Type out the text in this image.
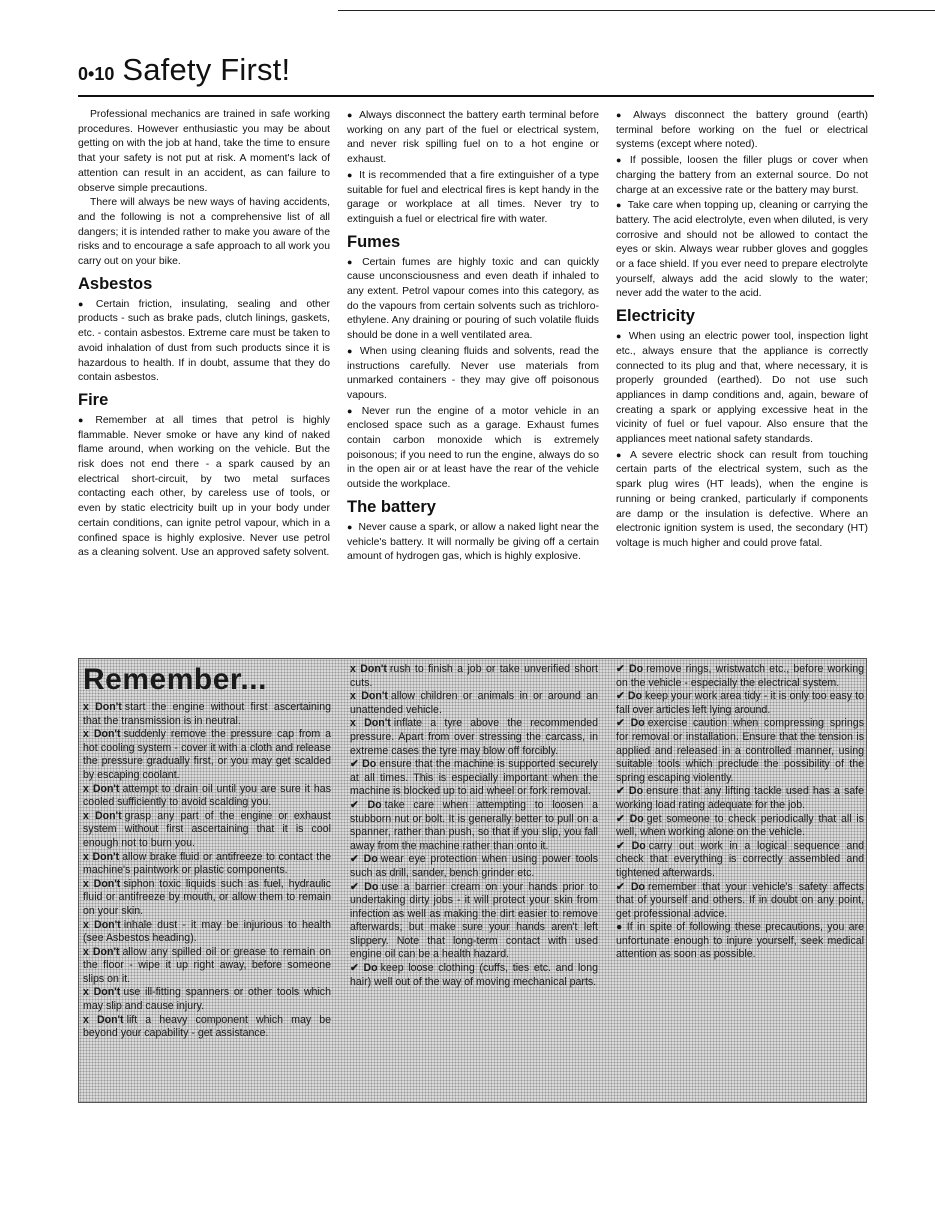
0•10 Safety First!

Professional mechanics are trained in safe working procedures. However enthusiastic you may be about getting on with the job at hand, take the time to ensure that your safety is not put at risk. A moment's lack of attention can result in an accident, as can failure to observe simple precautions.

There will always be new ways of having accidents, and the following is not a comprehensive list of all dangers; it is intended rather to make you aware of the risks and to encourage a safe approach to all work you carry out on your bike.

Asbestos

● Certain friction, insulating, sealing and other products - such as brake pads, clutch linings, gaskets, etc. - contain asbestos. Extreme care must be taken to avoid inhalation of dust from such products since it is hazardous to health. If in doubt, assume that they do contain asbestos.

Fire

● Remember at all times that petrol is highly flammable. Never smoke or have any kind of naked flame around, when working on the vehicle. But the risk does not end there - a spark caused by an electrical short-circuit, by two metal surfaces contacting each other, by careless use of tools, or even by static electricity built up in your body under certain conditions, can ignite petrol vapour, which in a confined space is highly explosive. Never use petrol as a cleaning solvent. Use an approved safety solvent.

● Always disconnect the battery earth terminal before working on any part of the fuel or electrical system, and never risk spilling fuel on to a hot engine or exhaust.

● It is recommended that a fire extinguisher of a type suitable for fuel and electrical fires is kept handy in the garage or workplace at all times. Never try to extinguish a fuel or electrical fire with water.

Fumes

● Certain fumes are highly toxic and can quickly cause unconsciousness and even death if inhaled to any extent. Petrol vapour comes into this category, as do the vapours from certain solvents such as trichloro-ethylene. Any draining or pouring of such volatile fluids should be done in a well ventilated area.

● When using cleaning fluids and solvents, read the instructions carefully. Never use materials from unmarked containers - they may give off poisonous vapours.

● Never run the engine of a motor vehicle in an enclosed space such as a garage. Exhaust fumes contain carbon monoxide which is extremely poisonous; if you need to run the engine, always do so in the open air or at least have the rear of the vehicle outside the workplace.

The battery

● Never cause a spark, or allow a naked light near the vehicle's battery. It will normally be giving off a certain amount of hydrogen gas, which is highly explosive.

● Always disconnect the battery ground (earth) terminal before working on the fuel or electrical systems (except where noted).

● If possible, loosen the filler plugs or cover when charging the battery from an external source. Do not charge at an excessive rate or the battery may burst.

● Take care when topping up, cleaning or carrying the battery. The acid electrolyte, even when diluted, is very corrosive and should not be allowed to contact the eyes or skin. Always wear rubber gloves and goggles or a face shield. If you ever need to prepare electrolyte yourself, always add the acid slowly to the water; never add the water to the acid.

Electricity

● When using an electric power tool, inspection light etc., always ensure that the appliance is correctly connected to its plug and that, where necessary, it is properly grounded (earthed). Do not use such appliances in damp conditions and, again, beware of creating a spark or applying excessive heat in the vicinity of fuel or fuel vapour. Also ensure that the appliances meet national safety standards.

● A severe electric shock can result from touching certain parts of the electrical system, such as the spark plug wires (HT leads), when the engine is running or being cranked, particularly if components are damp or the insulation is defective. Where an electronic ignition system is used, the secondary (HT) voltage is much higher and could prove fatal.

Remember...

x Don't start the engine without first ascertaining that the transmission is in neutral.

x Don't suddenly remove the pressure cap from a hot cooling system - cover it with a cloth and release the pressure gradually first, or you may get scalded by escaping coolant.

x Don't attempt to drain oil until you are sure it has cooled sufficiently to avoid scalding you.

x Don't grasp any part of the engine or exhaust system without first ascertaining that it is cool enough not to burn you.

x Don't allow brake fluid or antifreeze to contact the machine's paintwork or plastic components.

x Don't siphon toxic liquids such as fuel, hydraulic fluid or antifreeze by mouth, or allow them to remain on your skin.

x Don't inhale dust - it may be injurious to health (see Asbestos heading).

x Don't allow any spilled oil or grease to remain on the floor - wipe it up right away, before someone slips on it.

x Don't use ill-fitting spanners or other tools which may slip and cause injury.

x Don't lift a heavy component which may be beyond your capability - get assistance.

x Don't rush to finish a job or take unverified short cuts.

x Don't allow children or animals in or around an unattended vehicle.

x Don't inflate a tyre above the recommended pressure. Apart from over stressing the carcass, in extreme cases the tyre may blow off forcibly.

✔ Do ensure that the machine is supported securely at all times. This is especially important when the machine is blocked up to aid wheel or fork removal.

✔ Do take care when attempting to loosen a stubborn nut or bolt. It is generally better to pull on a spanner, rather than push, so that if you slip, you fall away from the machine rather than onto it.

✔ Do wear eye protection when using power tools such as drill, sander, bench grinder etc.

✔ Do use a barrier cream on your hands prior to undertaking dirty jobs - it will protect your skin from infection as well as making the dirt easier to remove afterwards; but make sure your hands aren't left slippery. Note that long-term contact with used engine oil can be a health hazard.

✔ Do keep loose clothing (cuffs, ties etc. and long hair) well out of the way of moving mechanical parts.

✔ Do remove rings, wristwatch etc., before working on the vehicle - especially the electrical system.

✔ Do keep your work area tidy - it is only too easy to fall over articles left lying around.

✔ Do exercise caution when compressing springs for removal or installation. Ensure that the tension is applied and released in a controlled manner, using suitable tools which preclude the possibility of the spring escaping violently.

✔ Do ensure that any lifting tackle used has a safe working load rating adequate for the job.

✔ Do get someone to check periodically that all is well, when working alone on the vehicle.

✔ Do carry out work in a logical sequence and check that everything is correctly assembled and tightened afterwards.

✔ Do remember that your vehicle's safety affects that of yourself and others. If in doubt on any point, get professional advice.

● If in spite of following these precautions, you are unfortunate enough to injure yourself, seek medical attention as soon as possible.
